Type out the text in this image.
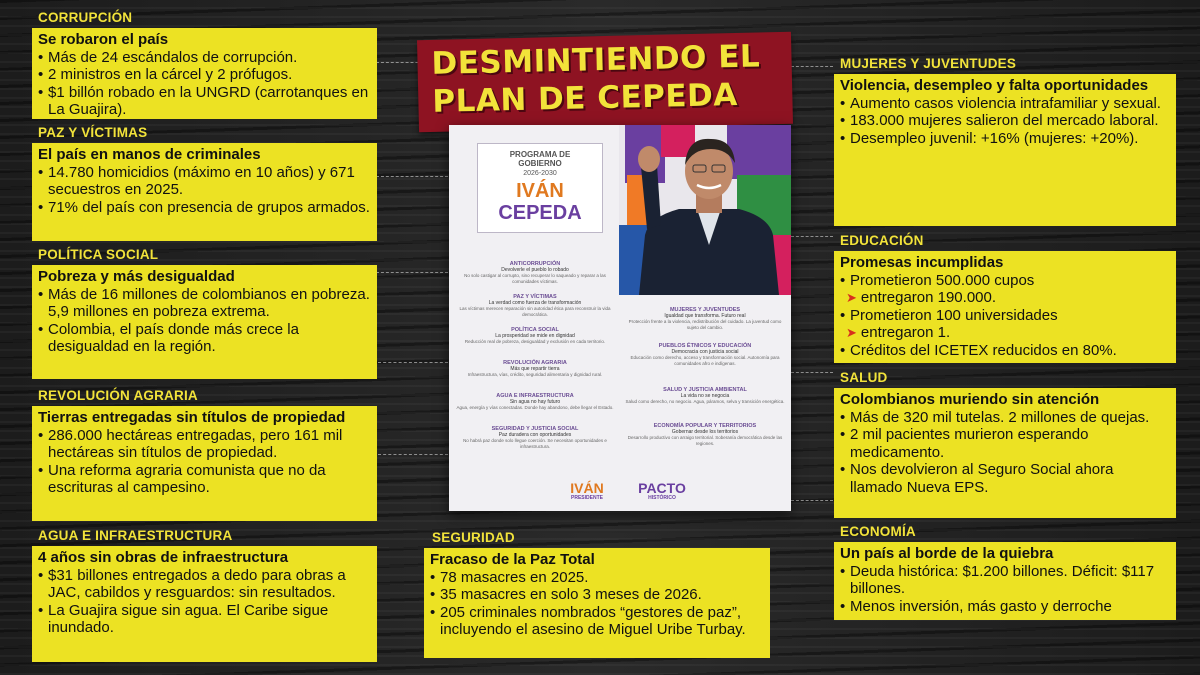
CORRUPCIÓN
Se robaron el país
• Más de 24 escándalos de corrupción.
• 2 ministros en la cárcel y 2 prófugos.
• $1 billón robado en la UNGRD (carrotanques en La Guajira).
PAZ Y VÍCTIMAS
El país en manos de criminales
• 14.780 homicidios (máximo en 10 años) y 671 secuestros en 2025.
• 71% del país con presencia de grupos armados.
POLÍTICA SOCIAL
Pobreza y más desigualdad
• Más de 16 millones de colombianos en pobreza. 5,9 millones en pobreza extrema.
• Colombia, el país donde más crece la desigualdad en la región.
REVOLUCIÓN AGRARIA
Tierras entregadas sin títulos de propiedad
• 286.000 hectáreas entregadas, pero 161 mil hectáreas sin títulos de propiedad.
• Una reforma agraria comunista que no da escrituras al campesino.
AGUA E INFRAESTRUCTURA
4 años sin obras de infraestructura
• $31 billones entregados a dedo para obras a JAC, cabildos y resguardos: sin resultados.
• La Guajira sigue sin agua. El Caribe sigue inundado.
DESMINTIENDO EL
PLAN DE CEPEDA
PROGRAMA DE
GOBIERNO
2026-2030
IVÁN
CEPEDA
ANTICORRUPCIÓN
Devolverle el pueblo lo robado
No solo castigar al corrupto, sino recuperar lo saqueado y reparar a las comunidades víctimas.
PAZ Y VÍCTIMAS
La verdad como fuerza de transformación
Las víctimas merecen reparación sin autoridad ética para reconstruir la vida democrática.
POLÍTICA SOCIAL
La prosperidad se mide en dignidad
Reducción real de pobreza, desigualdad y exclusión en cada territorio.
REVOLUCIÓN AGRARIA
Más que repartir tierra
Infraestructura, vías, crédito, seguridad alimentaria y dignidad rural.
AGUA E INFRAESTRUCTURA
Sin agua no hay futuro
Agua, energía y vías conectadas. Donde hay abandono, debe llegar el Estado.
SEGURIDAD Y JUSTICIA SOCIAL
Paz duradera con oportunidades
No habrá paz donde solo llegue coerción. Se necesitan oportunidades e infraestructura.
MUJERES Y JUVENTUDES
Igualdad que transforma. Futuro real
Protección frente a la violencia, redistribución del cuidado. La juventud como sujeto del cambio.
PUEBLOS ÉTNICOS Y EDUCACIÓN
Democracia con justicia social
Educación como derecho, acceso y transformación social. Autonomía para comunidades afro e indígenas.
SALUD Y JUSTICIA AMBIENTAL
La vida no se negocia
Salud como derecho, no negocio. Agua, páramos, selva y transición energética.
ECONOMÍA POPULAR Y TERRITORIOS
Gobernar desde los territorios
Desarrollo productivo con arraigo territorial. Soberanía democrática desde las regiones.
IVÁN
PRESIDENTE
PACTO
HISTÓRICO
SEGURIDAD
Fracaso de la Paz Total
• 78 masacres en 2025.
• 35 masacres en solo 3 meses de 2026.
• 205 criminales nombrados “gestores de paz”, incluyendo el asesino de Miguel Uribe Turbay.
MUJERES Y JUVENTUDES
Violencia, desempleo y falta oportunidades
• Aumento casos violencia intrafamiliar y sexual.
• 183.000 mujeres salieron del mercado laboral.
• Desempleo juvenil: +16% (mujeres: +20%).
EDUCACIÓN
Promesas incumplidas
• Prometieron 500.000 cupos
➤ entregaron 190.000.
• Prometieron 100 universidades
➤ entregaron 1.
• Créditos del ICETEX reducidos en 80%.
SALUD
Colombianos muriendo sin atención
• Más de 320 mil tutelas. 2 millones de quejas.
• 2 mil pacientes murieron esperando medicamento.
• Nos devolvieron al Seguro Social ahora llamado Nueva EPS.
ECONOMÍA
Un país al borde de la quiebra
• Deuda histórica: $1.200 billones. Déficit: $117 billones.
• Menos inversión, más gasto y derroche
